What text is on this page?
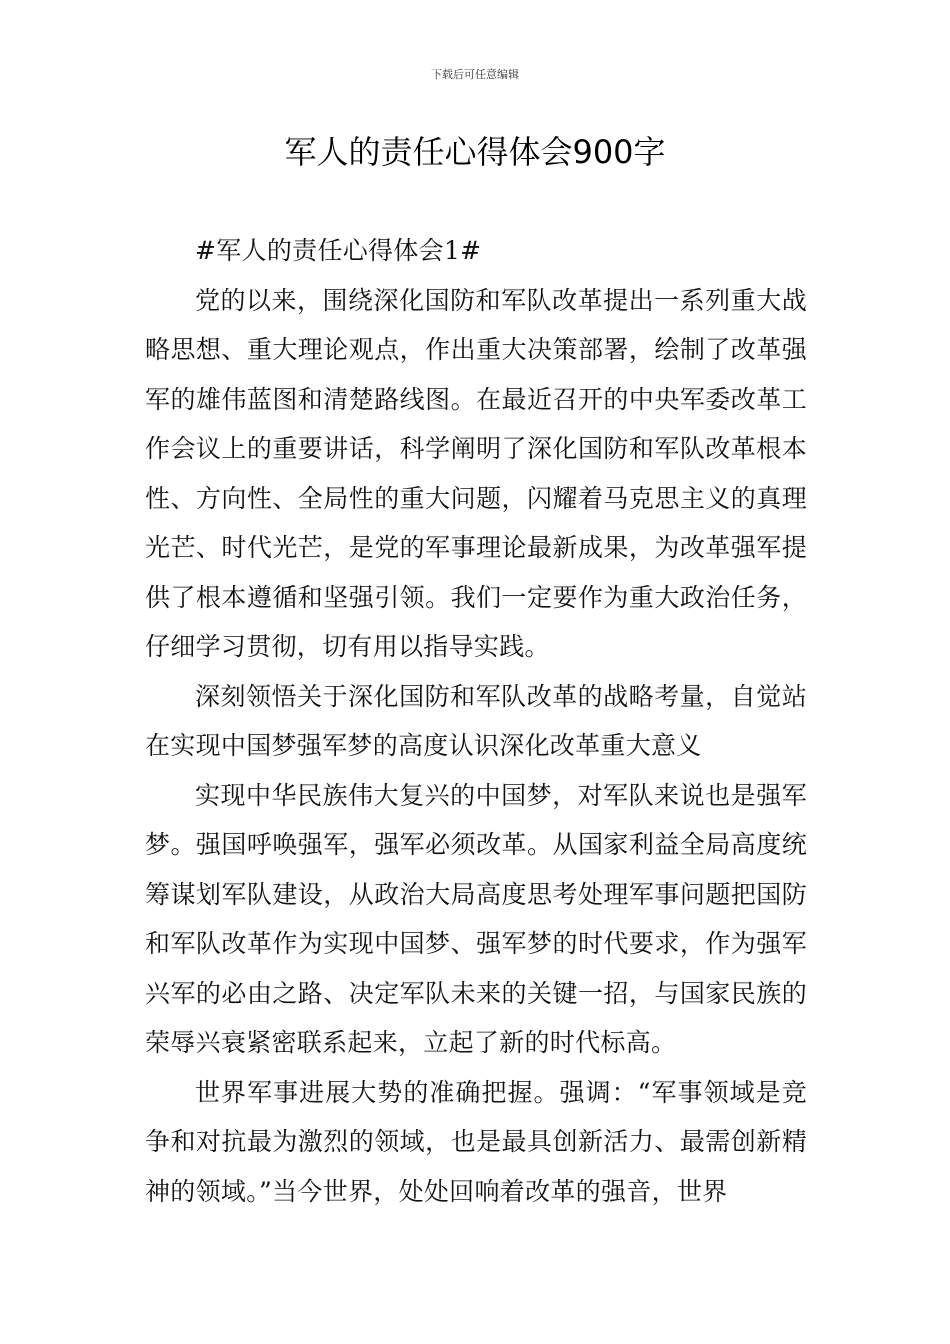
下载后可任意编辑
军人的责任心得体会900字

#军人的责任心得体会1#

党的以来，围绕深化国防和军队改革提出一系列重大战略思想、重大理论观点，作出重大决策部署，绘制了改革强军的雄伟蓝图和清楚路线图。在最近召开的中央军委改革工作会议上的重要讲话，科学阐明了深化国防和军队改革根本性、方向性、全局性的重大问题，闪耀着马克思主义的真理光芒、时代光芒，是党的军事理论最新成果，为改革强军提供了根本遵循和坚强引领。我们一定要作为重大政治任务，仔细学习贯彻，切有用以指导实践。

深刻领悟关于深化国防和军队改革的战略考量，自觉站在实现中国梦强军梦的高度认识深化改革重大意义

实现中华民族伟大复兴的中国梦，对军队来说也是强军梦。强国呼唤强军，强军必须改革。从国家利益全局高度统筹谋划军队建设，从政治大局高度思考处理军事问题把国防和军队改革作为实现中国梦、强军梦的时代要求，作为强军兴军的必由之路、决定军队未来的关键一招，与国家民族的荣辱兴衰紧密联系起来，立起了新的时代标高。

世界军事进展大势的准确把握。强调：“军事领域是竞争和对抗最为激烈的领域，也是最具创新活力、最需创新精神的领域。”当今世界，处处回响着改革的强音，世界
